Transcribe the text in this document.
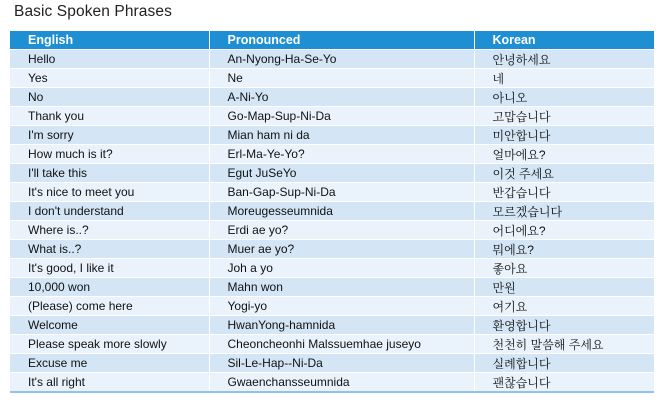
Basic Spoken Phrases
English	Pronounced	Korean
Hello	An-Nyong-Ha-Se-Yo	안녕하세요
Yes	Ne	네
No	A-Ni-Yo	아니오
Thank you	Go-Map-Sup-Ni-Da	고맙습니다
I'm sorry	Mian ham ni da	미안합니다
How much is it?	Erl-Ma-Ye-Yo?	얼마에요?
I'll take this	Egut JuSeYo	이것 주세요
It's nice to meet you	Ban-Gap-Sup-Ni-Da	반갑습니다
I don't understand	Moreugesseumnida	모르겠습니다
Where is..?	Erdi ae yo?	어디에요?
What is..?	Muer ae yo?	뭐에요?
It's good, I like it	Joh a yo	좋아요
10,000 won	Mahn won	만원
(Please) come here	Yogi-yo	여기요
Welcome	HwanYong-hamnida	환영합니다
Please speak more slowly	Cheoncheonhi Malssuemhae juseyo	천천히 말씀해 주세요
Excuse me	Sil-Le-Hap--Ni-Da	실례합니다
It's all right	Gwaenchansseumnida	괜찮습니다
